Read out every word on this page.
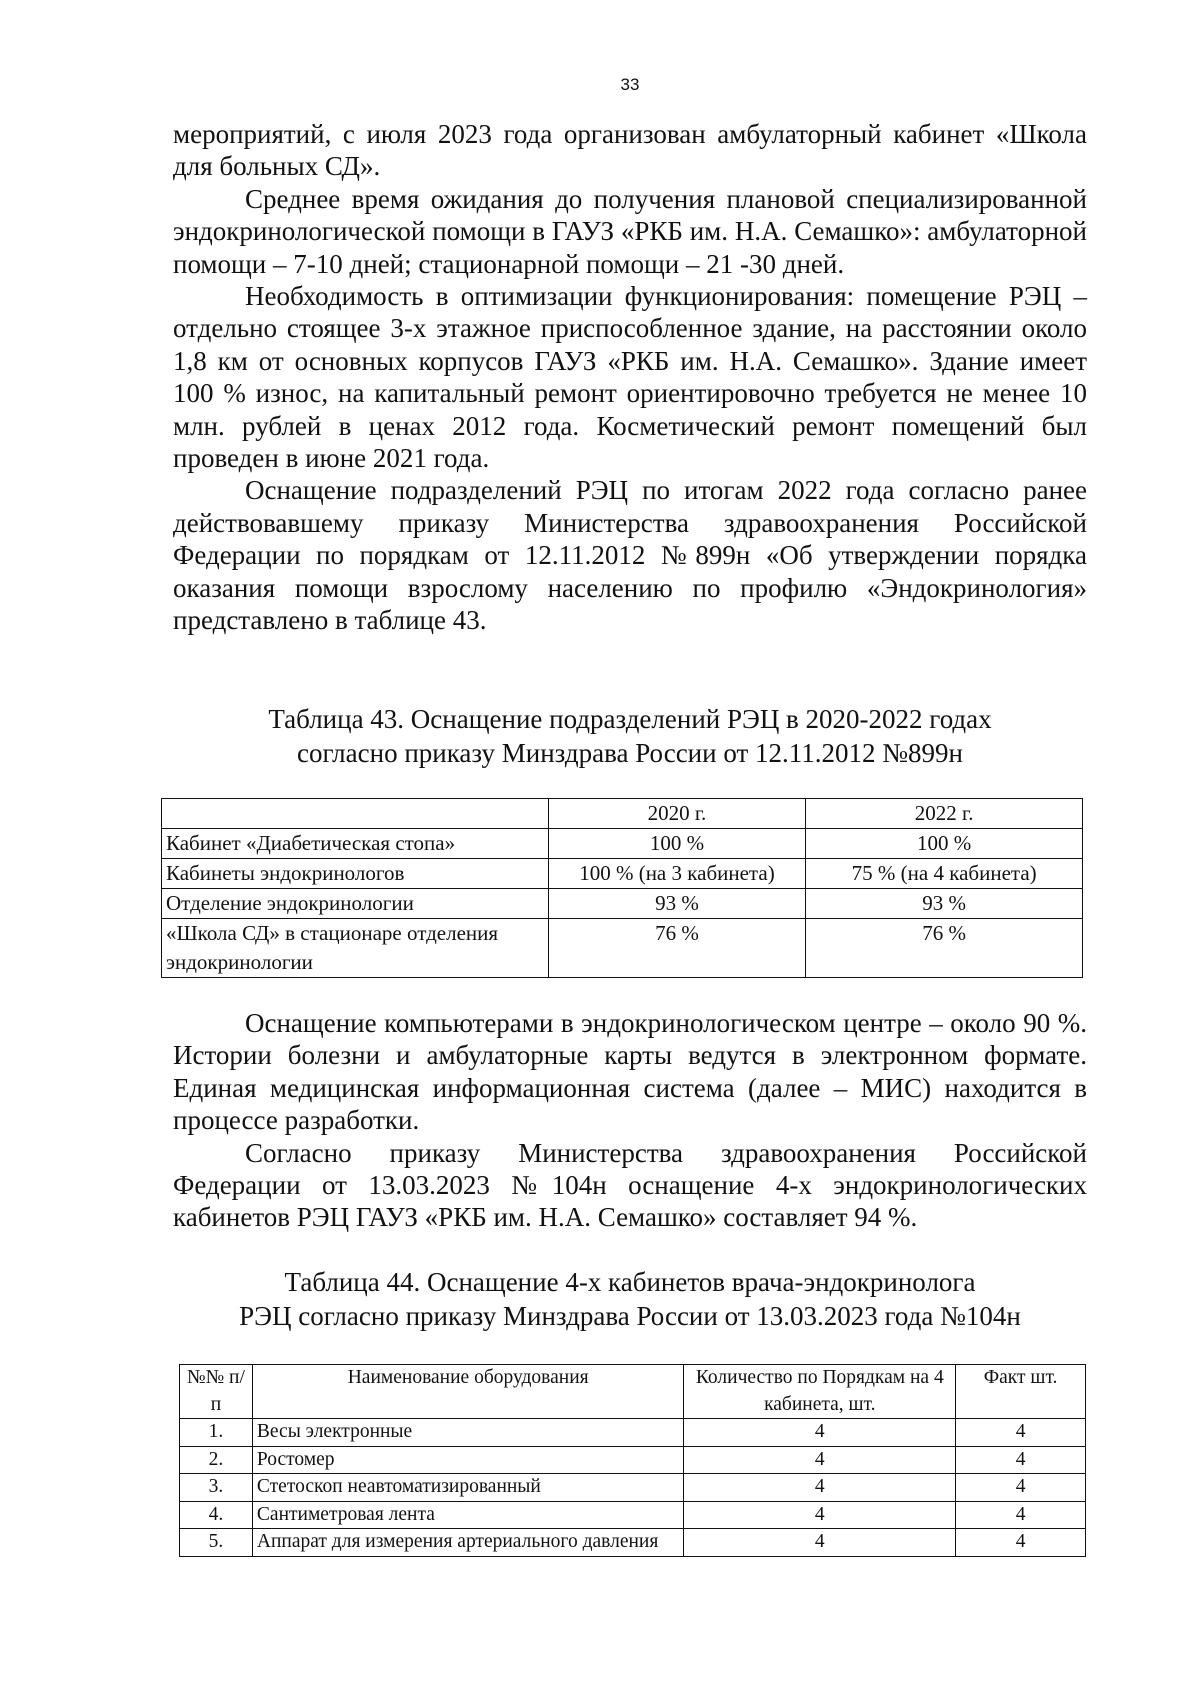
33

мероприятий, с июля 2023 года организован амбулаторный кабинет «Школа для больных СД».

Среднее время ожидания до получения плановой специализированной эндокринологической помощи в ГАУЗ «РКБ им. Н.А. Семашко»: амбулаторной помощи – 7-10 дней; стационарной помощи – 21 -30 дней.

Необходимость в оптимизации функционирования: помещение РЭЦ – отдельно стоящее 3-х этажное приспособленное здание, на расстоянии около 1,8 км от основных корпусов ГАУЗ «РКБ им. Н.А. Семашко». Здание имеет 100 % износ, на капитальный ремонт ориентировочно требуется не менее 10 млн. рублей в ценах 2012 года. Косметический ремонт помещений был проведен в июне 2021 года.

Оснащение подразделений РЭЦ по итогам 2022 года согласно ранее действовавшему приказу Министерства здравоохранения Российской Федерации по порядкам от 12.11.2012 №899н «Об утверждении порядка оказания помощи взрослому населению по профилю «Эндокринология» представлено в таблице 43.

Таблица 43. Оснащение подразделений РЭЦ в 2020-2022 годах
согласно приказу Минздрава России от 12.11.2012 №899н
	2020 г.	2022 г.
Кабинет «Диабетическая стопа»	100 %	100 %
Кабинеты эндокринологов	100 % (на 3 кабинета)	75 % (на 4 кабинета)
Отделение эндокринологии	93 %	93 %
«Школа СД» в стационаре отделения эндокринологии	76 %	76 %

Оснащение компьютерами в эндокринологическом центре – около 90 %. Истории болезни и амбулаторные карты ведутся в электронном формате. Единая медицинская информационная система (далее – МИС) находится в процессе разработки.

Согласно приказу Министерства здравоохранения Российской Федерации от 13.03.2023 №104н оснащение 4-х эндокринологических кабинетов РЭЦ ГАУЗ «РКБ им. Н.А. Семашко» составляет 94 %.

Таблица 44. Оснащение 4-х кабинетов врача-эндокринолога
РЭЦ согласно приказу Минздрава России от 13.03.2023 года №104н
№№ п/п	Наименование оборудования	Количество по Порядкам на 4 кабинета, шт.	Факт шт.
1.	Весы электронные	4	4
2.	Ростомер	4	4
3.	Стетоскоп неавтоматизированный	4	4
4.	Сантиметровая лента	4	4
5.	Аппарат для измерения артериального давления	4	4
